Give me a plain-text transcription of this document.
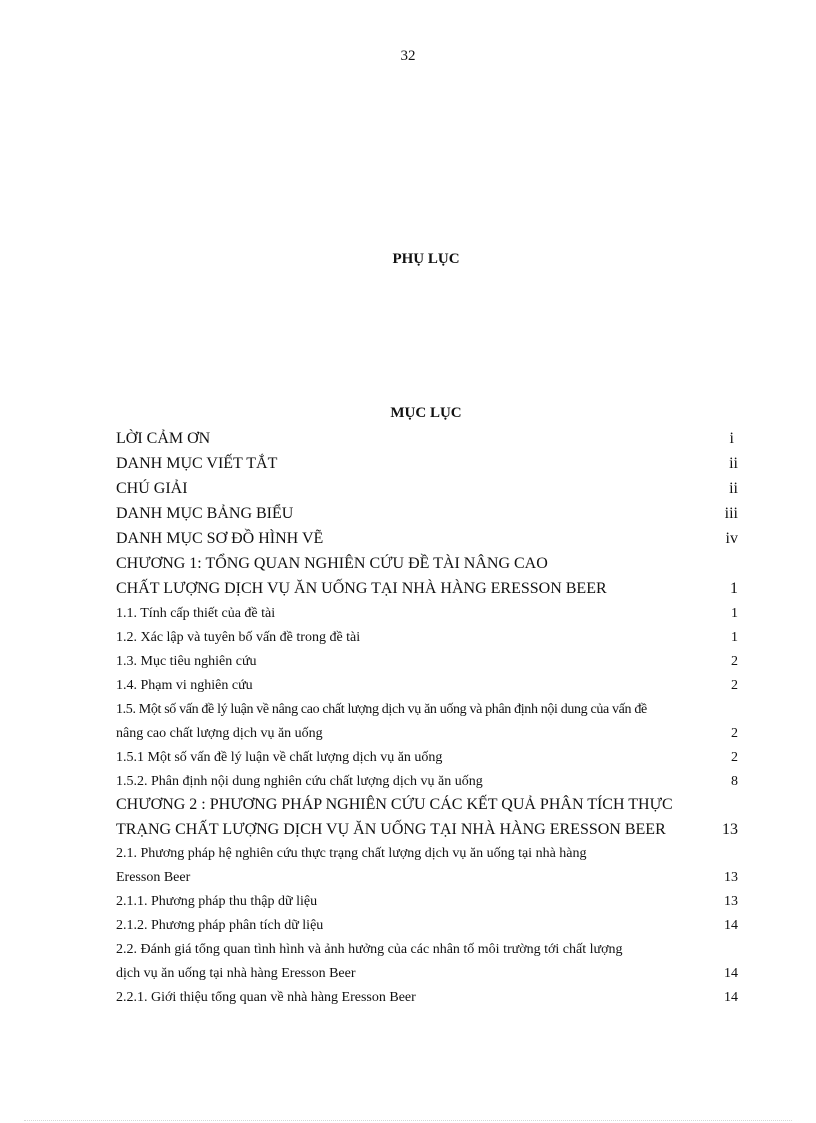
32
PHỤ LỤC
MỤC LỤC
LỜI CẢM ƠN	i
DANH MỤC VIẾT TẮT	ii
CHÚ GIẢI	ii
DANH MỤC BẢNG BIỂU	iii
DANH MỤC SƠ ĐỒ HÌNH VẼ	iv
CHƯƠNG 1: TỔNG QUAN NGHIÊN CỨU ĐỀ TÀI NÂNG CAO
CHẤT LƯỢNG DỊCH VỤ ĂN UỐNG TẠI NHÀ HÀNG ERESSON BEER	1
1.1. Tính cấp thiết của đề tài	1
1.2. Xác lập và tuyên bố vấn đề trong đề tài	1
1.3. Mục tiêu nghiên cứu	2
1.4. Phạm vi nghiên cứu	2
1.5. Một số vấn đề lý luận về nâng cao chất lượng dịch vụ ăn uống và phân định nội dung của vấn đề
nâng cao chất lượng dịch vụ ăn uống	2
1.5.1 Một số vấn đề lý luận về chất lượng dịch vụ ăn uống	2
1.5.2. Phân định nội dung nghiên cứu chất lượng dịch vụ ăn uống	8
CHƯƠNG 2 : PHƯƠNG PHÁP NGHIÊN CỨU CÁC KẾT QUẢ PHÂN TÍCH THỰC
TRẠNG CHẤT LƯỢNG DỊCH VỤ ĂN UỐNG TẠI NHÀ HÀNG ERESSON BEER	13
2.1. Phương pháp hệ nghiên cứu thực trạng chất lượng dịch vụ ăn uống tại nhà hàng
Eresson Beer	13
2.1.1. Phương pháp thu thập dữ liệu	13
2.1.2. Phương pháp phân tích dữ liệu	14
2.2. Đánh giá tổng quan tình hình và ảnh hưởng của các nhân tố môi trường tới chất lượng
dịch vụ ăn uống tại nhà hàng Eresson Beer	14
2.2.1. Giới thiệu tổng quan về nhà hàng Eresson Beer	14
